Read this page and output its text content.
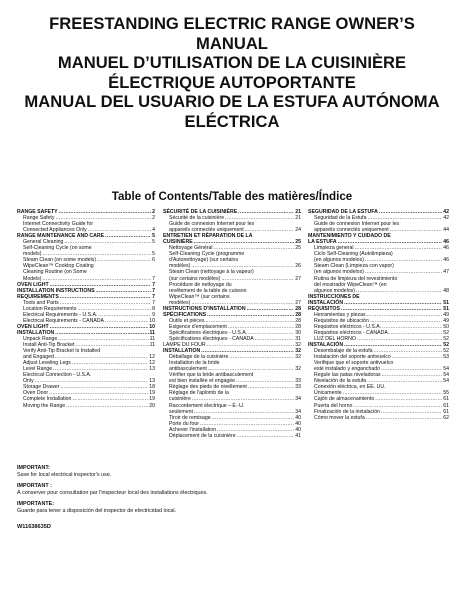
FREESTANDING ELECTRIC RANGE OWNER’S
MANUAL
MANUEL D’UTILISATION DE LA CUISINIÈRE
ÉLECTRIQUE AUTOPORTANTE
MANUAL DEL USUARIO DE LA ESTUFA AUTÓNOMA
ELÉCTRICA
Table of Contents/Table des matières/Índice
RANGE SAFETY . . .	2
Range Safety . . .	2
Internet Connectivity Guide for
Connected Appliances Only . . .	4
RANGE MAINTENANCE AND CARE . . .	5
General Cleaning . . .	5
Self-Cleaning Cycle (on some
models) . . .	5
Steam Clean (on some models) . . .	6
WipeClean™ Cooktop Coating
Cleaning Routine (on Some
Models) . . .	7
OVEN LIGHT . . .	7
INSTALLATION INSTRUCTIONS . . .	7
REQUIREMENTS . . .	7
Tools and Parts . . .	7
Location Requirements . . .	8
Electrical Requirements - U.S.A. . . .	9
Electrical Requirements - CANADA . . .	10
OVEN LIGHT . . .	10
INSTALLATION . . .	11
Unpack Range . . .	11
Install Anti-Tip Bracket . . .	11
Verify Anti-Tip Bracket Is Installed
and Engaged . . .	12
Adjust Leveling Legs . . .	12
Level Range . . .	13
Electrical Connection - U.S.A.
Only . . .	13
Storage Drawer . . .	18
Oven Door . . .	19
Complete Installation . . .	19
Moving the Range . . .	20
SÉCURITÉ DE LA CUISINIÈRE . . .	21
Sécurité de la cuisinière . . .	21
Guide de connexion Internet pour les
appareils connectés uniquement . . .	24
ENTRETIEN ET RÉPARATION DE LA
CUISINIÈRE . . .	25
Nettoyage Général . . .	25
Self-Cleaning Cycle (programme
d'Autonettoyage) (sur certains
modèles) . . .	26
Steam Clean (nettoyage à la vapeur)
(sur certains modèles) . . .	27
Procédure de nettoyage du
revêtement de la table de cuisson
WipeClean™ (sur certains
modèles) . . .	27
INSTRUCTIONS D'INSTALLATION . . .	28
SPÉCIFICATIONS . . .	28
Outils et pièces . . .	28
Exigence d'emplacement . . .	28
Spécifications électriques - U.S.A. . . .	30
Spécifications électriques - CANADA . . .	31
LAMPE DU FOUR . . .	32
INSTALLATION . . .	32
Déballage de la cuisinière . . .	32
Installation de la bride
antibasculement . . .	32
Vérifier que la bride antibasculement
est bien installée et engagée . . .	33
Réglage des pieds de nivellement . . .	33
Réglage de l'aplomb de la
cuisinière . . .	34
Raccordement électrique – É.-U.
seulement . . .	34
Tiroir de remisage . . .	40
Porte du four . . .	40
Achever l'installation . . .	40
Déplacement de la cuisinière . . .	41
SEGURIDAD DE LA ESTUFA . . .	42
Seguridad de la Estufa . . .	42
Guide de connexion Internet pour les
appareils connectés uniquement . . .	44
MANTENIMIENTO Y CUIDADO DE
LA ESTUFA . . .	46
Limpieza general . . .	46
Ciclo Self-Cleaning (Autolimpieza)
(en algunos modelos) . . .	46
Steam Clean (Limpieza con vapor)
(en algunos modelos) . . .	47
Rutina de limpieza del revestimiento
del mostrador WipeClean™ (en
algunos modelos) . . .	48
INSTRUCCIONES DE
INSTALACIÓN . . .	51
REQUISITOS . . .	51
Herramientas y piezas . . .	49
Requisitos de ubicación . . .	49
Requisitos eléctricos - U.S.A. . . .	50
Requisitos eléctricos - CANADA . . .	52
LUZ DEL HORNO . . .	52
INSTALACIÓN . . .	52
Desembalaje de la estufa . . .	52
Instalación del soporte antivuelco . . .	53
Verifique que el soporte antivuelco
esté instalado y enganchado . . .	54
Regule las patas niveladoras . . .	54
Nivelación de la estufa . . .	54
Conexión eléctrica, en EE. UU.
Únicamente . . .	55
Cajón de almacenamiento . . .	61
Puerta del horno . . .	61
Finalización de la instalación . . .	61
Cómo mover la estufa . . .	62
IMPORTANT:
Save for local electrical inspector's use.
IMPORTANT :
À conserver pour consultation par l'inspecteur local des installations électriques.
IMPORTANTE:
Guarde para tener a disposición del inspector de electricidad local.
W11638635D
